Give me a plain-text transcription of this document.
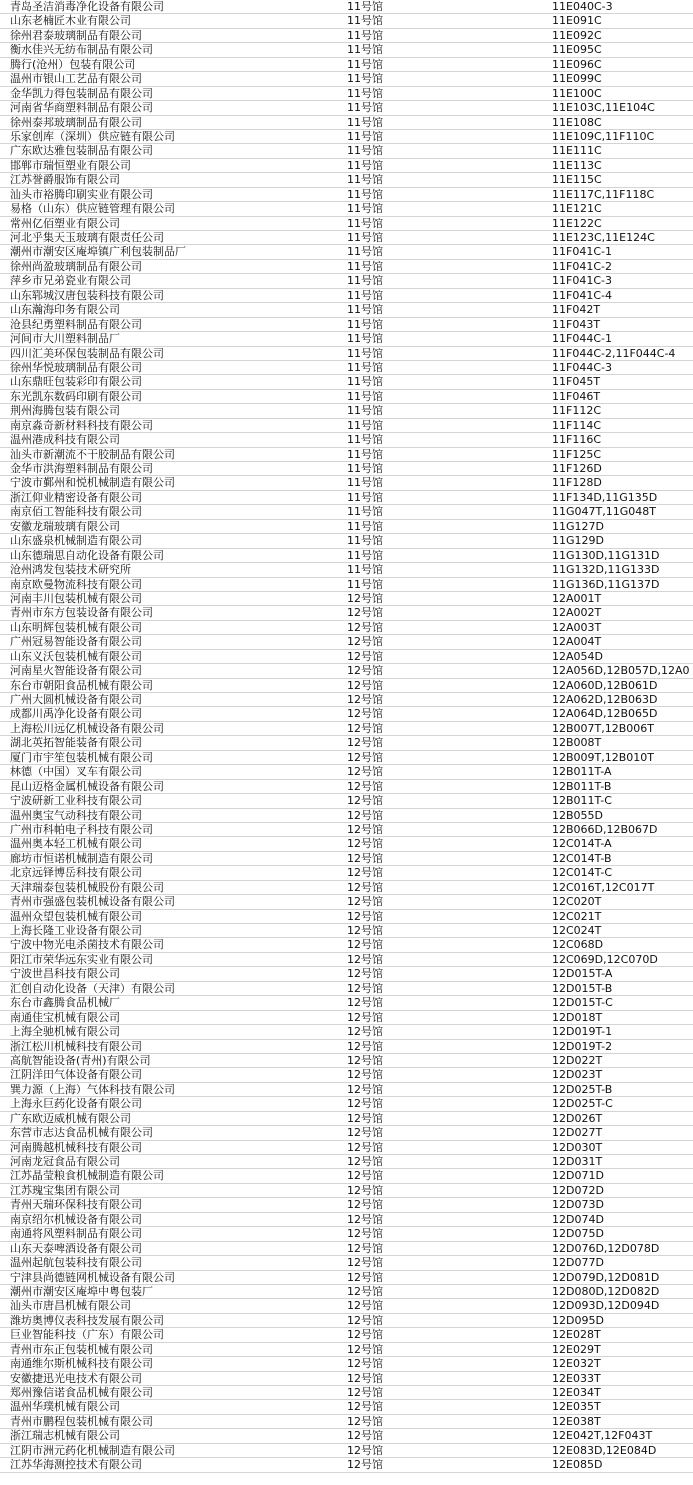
青岛圣洁消毒净化设备有限公司	11号馆	11E040C-3
山东老楠匠木业有限公司	11号馆	11E091C
徐州君泰玻璃制品有限公司	11号馆	11E092C
衡水佳兴无纺布制品有限公司	11号馆	11E095C
腾行(沧州）包装有限公司	11号馆	11E096C
温州市银山工艺品有限公司	11号馆	11E099C
金华凯力得包装制品有限公司	11号馆	11E100C
河南省华商塑料制品有限公司	11号馆	11E103C,11E104C
徐州泰邦玻璃制品有限公司	11号馆	11E108C
乐家创库（深圳）供应链有限公司	11号馆	11E109C,11F110C
广东欧达雅包装制品有限公司	11号馆	11E111C
邯郸市瑞恒塑业有限公司	11号馆	11E113C
江苏誉爵服饰有限公司	11号馆	11E115C
汕头市裕腾印刷实业有限公司	11号馆	11E117C,11F118C
易格（山东）供应链管理有限公司	11号馆	11E121C
常州亿佰塑业有限公司	11号馆	11E122C
河北乎集天玉玻璃有限责任公司	11号馆	11E123C,11E124C
潮州市潮安区庵埠镇广利包装制品厂	11号馆	11F041C-1
徐州尚盈玻璃制品有限公司	11号馆	11F041C-2
萍乡市兄弟瓷业有限公司	11号馆	11F041C-3
山东郓城汉唐包装科技有限公司	11号馆	11F041C-4
山东瀚海印务有限公司	11号馆	11F042T
沧县纪勇塑料制品有限公司	11号馆	11F043T
河间市大川塑料制品厂	11号馆	11F044C-1
四川汇美环保包装制品有限公司	11号馆	11F044C-2,11F044C-4
徐州华悦玻璃制品有限公司	11号馆	11F044C-3
山东鼎旺包装彩印有限公司	11号馆	11F045T
东光凯东数码印刷有限公司	11号馆	11F046T
荆州海腾包装有限公司	11号馆	11F112C
南京淼奇新材料科技有限公司	11号馆	11F114C
温州港成科技有限公司	11号馆	11F116C
汕头市新潮流不干胶制品有限公司	11号馆	11F125C
金华市洪海塑料制品有限公司	11号馆	11F126D
宁波市鄞州和悦机械制造有限公司	11号馆	11F128D
浙江仰业精密设备有限公司	11号馆	11F134D,11G135D
南京佰工智能科技有限公司	11号馆	11G047T,11G048T
安徽龙瑞玻璃有限公司	11号馆	11G127D
山东盛泉机械制造有限公司	11号馆	11G129D
山东德瑞思自动化设备有限公司	11号馆	11G130D,11G131D
沧州鸿发包装技术研究所	11号馆	11G132D,11G133D
南京欧曼物流科技有限公司	11号馆	11G136D,11G137D
河南丰川包装机械有限公司	12号馆	12A001T
青州市东方包装设备有限公司	12号馆	12A002T
山东明辉包装机械有限公司	12号馆	12A003T
广州冠易智能设备有限公司	12号馆	12A004T
山东义沃包装机械有限公司	12号馆	12A054D
河南星火智能设备有限公司	12号馆	12A056D,12B057D,12A0
东台市朝阳食品机械有限公司	12号馆	12A060D,12B061D
广州大圆机械设备有限公司	12号馆	12A062D,12B063D
成都川禹净化设备有限公司	12号馆	12A064D,12B065D
上海松川远亿机械设备有限公司	12号馆	12B007T,12B006T
湖北英拓智能装备有限公司	12号馆	12B008T
厦门市宇笙包装机械有限公司	12号馆	12B009T,12B010T
林德（中国）叉车有限公司	12号馆	12B011T-A
昆山迈格金属机械设备有限公司	12号馆	12B011T-B
宁波研新工业科技有限公司	12号馆	12B011T-C
温州奥宝气动科技有限公司	12号馆	12B055D
广州市科帕电子科技有限公司	12号馆	12B066D,12B067D
温州奥本轻工机械有限公司	12号馆	12C014T-A
廊坊市恒诺机械制造有限公司	12号馆	12C014T-B
北京远铎博岳科技有限公司	12号馆	12C014T-C
天津瑞泰包装机械股份有限公司	12号馆	12C016T,12C017T
青州市强盛包装机械设备有限公司	12号馆	12C020T
温州众望包装机械有限公司	12号馆	12C021T
上海长隆工业设备有限公司	12号馆	12C024T
宁波中物光电杀菌技术有限公司	12号馆	12C068D
阳江市荣华远东实业有限公司	12号馆	12C069D,12C070D
宁波世昌科技有限公司	12号馆	12D015T-A
汇创自动化设备（天津）有限公司	12号馆	12D015T-B
东台市鑫腾食品机械厂	12号馆	12D015T-C
南通佳宝机械有限公司	12号馆	12D018T
上海全驰机械有限公司	12号馆	12D019T-1
浙江松川机械科技有限公司	12号馆	12D019T-2
高航智能设备(青州)有限公司	12号馆	12D022T
江阴洋田气体设备有限公司	12号馆	12D023T
巽力源（上海）气体科技有限公司	12号馆	12D025T-B
上海永巨药化设备有限公司	12号馆	12D025T-C
广东欧迈威机械有限公司	12号馆	12D026T
东营市志达食品机械有限公司	12号馆	12D027T
河南腾越机械科技有限公司	12号馆	12D030T
河南龙冠食品有限公司	12号馆	12D031T
江苏晶莹粮食机械制造有限公司	12号馆	12D071D
江苏瑰宝集团有限公司	12号馆	12D072D
青州天瑞环保科技有限公司	12号馆	12D073D
南京绍尔机械设备有限公司	12号馆	12D074D
南通将风塑料制品有限公司	12号馆	12D075D
山东天泰啤酒设备有限公司	12号馆	12D076D,12D078D
温州起航包装科技有限公司	12号馆	12D077D
宁津县尚德链网机械设备有限公司	12号馆	12D079D,12D081D
潮州市潮安区庵埠中粤包装厂	12号馆	12D080D,12D082D
汕头市唐昌机械有限公司	12号馆	12D093D,12D094D
潍坊奥博仪表科技发展有限公司	12号馆	12D095D
巨业智能科技（广东）有限公司	12号馆	12E028T
青州市东正包装机械有限公司	12号馆	12E029T
南通维尔斯机械科技有限公司	12号馆	12E032T
安徽捷迅光电技术有限公司	12号馆	12E033T
郑州豫信诺食品机械有限公司	12号馆	12E034T
温州华璞机械有限公司	12号馆	12E035T
青州市鹏程包装机械有限公司	12号馆	12E038T
浙江瑞志机械有限公司	12号馆	12E042T,12F043T
江阴市洲元药化机械制造有限公司	12号馆	12E083D,12E084D
江苏华海测控技术有限公司	12号馆	12E085D
